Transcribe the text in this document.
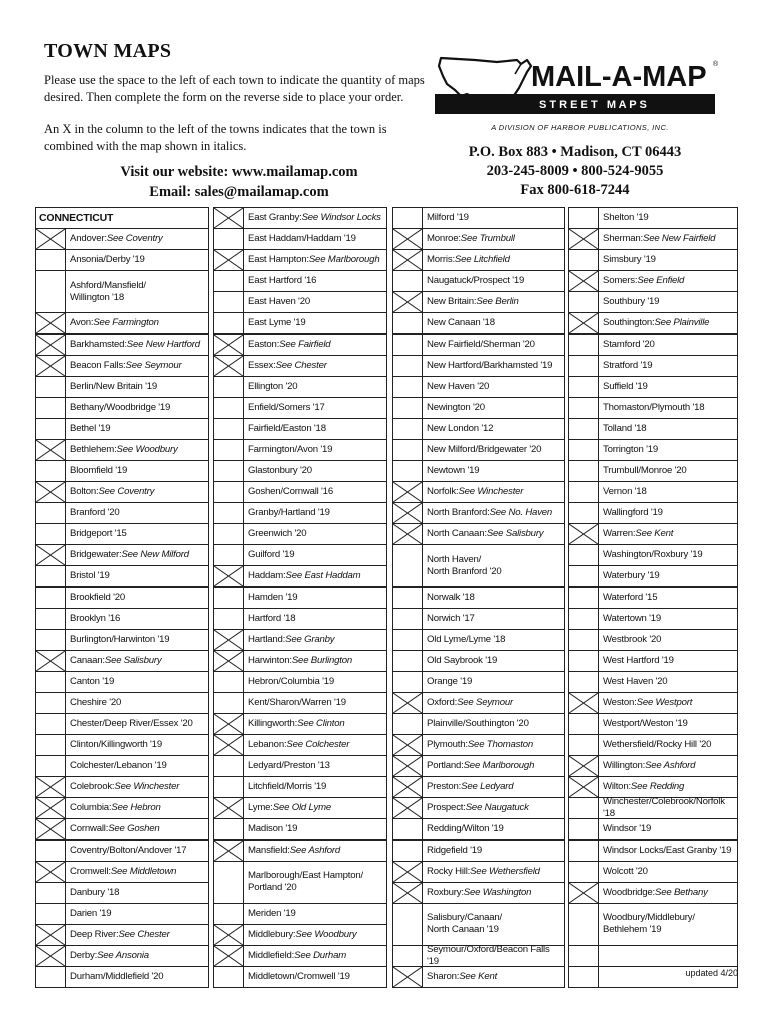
TOWN MAPS
Please use the space to the left of each town to indicate the quantity of maps desired. Then complete the form on the reverse side to place your order.
An X in the column to the left of the towns indicates that the town is combined with the map shown in italics.
Visit our website: www.mailamap.com
Email: sales@mailamap.com
MAIL-A-MAP ®
S T R E E T   M A P S
A DIVISION OF HARBOR PUBLICATIONS, INC.
P.O. Box 883 • Madison, CT 06443
203-245-8009 • 800-524-9055
Fax 800-618-7244
CONNECTICUT
Andover: See Coventry
Ansonia/Derby '19
Ashford/Mansfield/
Willington '18
Avon: See Farmington
Barkhamsted: See New Hartford
Beacon Falls: See Seymour
Berlin/New Britain '19
Bethany/Woodbridge '19
Bethel '19
Bethlehem: See Woodbury
Bloomfield '19
Bolton: See Coventry
Branford '20
Bridgeport '15
Bridgewater: See New Milford
Bristol '19
Brookfield '20
Brooklyn '16
Burlington/Harwinton '19
Canaan: See Salisbury
Canton '19
Cheshire '20
Chester/Deep River/Essex '20
Clinton/Killingworth '19
Colchester/Lebanon '19
Colebrook: See Winchester
Columbia: See Hebron
Cornwall: See Goshen
Coventry/Bolton/Andover '17
Cromwell: See Middletown
Danbury '18
Darien '19
Deep River: See Chester
Derby: See Ansonia
Durham/Middlefield '20
East Granby: See Windsor Locks
East Haddam/Haddam '19
East Hampton: See Marlborough
East Hartford '16
East Haven '20
East Lyme '19
Easton: See Fairfield
Essex: See Chester
Ellington '20
Enfield/Somers '17
Fairfield/Easton '18
Farmington/Avon '19
Glastonbury '20
Goshen/Cornwall '16
Granby/Hartland '19
Greenwich '20
Guilford '19
Haddam: See East Haddam
Hamden '19
Hartford '18
Hartland: See Granby
Harwinton: See Burlington
Hebron/Columbia '19
Kent/Sharon/Warren '19
Killingworth: See Clinton
Lebanon: See Colchester
Ledyard/Preston '13
Litchfield/Morris '19
Lyme: See Old Lyme
Madison '19
Mansfield: See Ashford
Marlborough/East Hampton/
Portland '20
Meriden '19
Middlebury: See Woodbury
Middlefield: See Durham
Middletown/Cromwell '19
Milford '19
Monroe: See Trumbull
Morris: See Litchfield
Naugatuck/Prospect '19
New Britain: See Berlin
New Canaan '18
New Fairfield/Sherman '20
New Hartford/Barkhamsted '19
New Haven '20
Newington '20
New London '12
New Milford/Bridgewater '20
Newtown '19
Norfolk: See Winchester
North Branford: See No. Haven
North Canaan: See Salisbury
North Haven/
North Branford '20
Norwalk '18
Norwich '17
Old Lyme/Lyme '18
Old Saybrook '19
Orange '19
Oxford: See Seymour
Plainville/Southington '20
Plymouth: See Thomaston
Portland: See Marlborough
Preston: See Ledyard
Prospect: See Naugatuck
Redding/Wilton '19
Ridgefield '19
Rocky Hill: See Wethersfield
Roxbury: See Washington
Salisbury/Canaan/
North Canaan '19
Seymour/Oxford/Beacon Falls '19
Sharon: See Kent
Shelton '19
Sherman: See New Fairfield
Simsbury '19
Somers: See Enfield
Southbury '19
Southington: See Plainville
Stamford '20
Stratford '19
Suffield '19
Thomaston/Plymouth '18
Tolland '18
Torrington '19
Trumbull/Monroe '20
Vernon '18
Wallingford '19
Warren: See Kent
Washington/Roxbury '19
Waterbury '19
Waterford '15
Watertown '19
Westbrook '20
West Hartford '19
West Haven '20
Weston: See Westport
Westport/Weston '19
Wethersfield/Rocky Hill '20
Willington: See Ashford
Wilton: See Redding
Winchester/Colebrook/Norfolk '18
Windsor '19
Windsor Locks/East Granby '19
Wolcott '20
Woodbridge: See Bethany
Woodbury/Middlebury/
Bethlehem '19
updated 4/20
